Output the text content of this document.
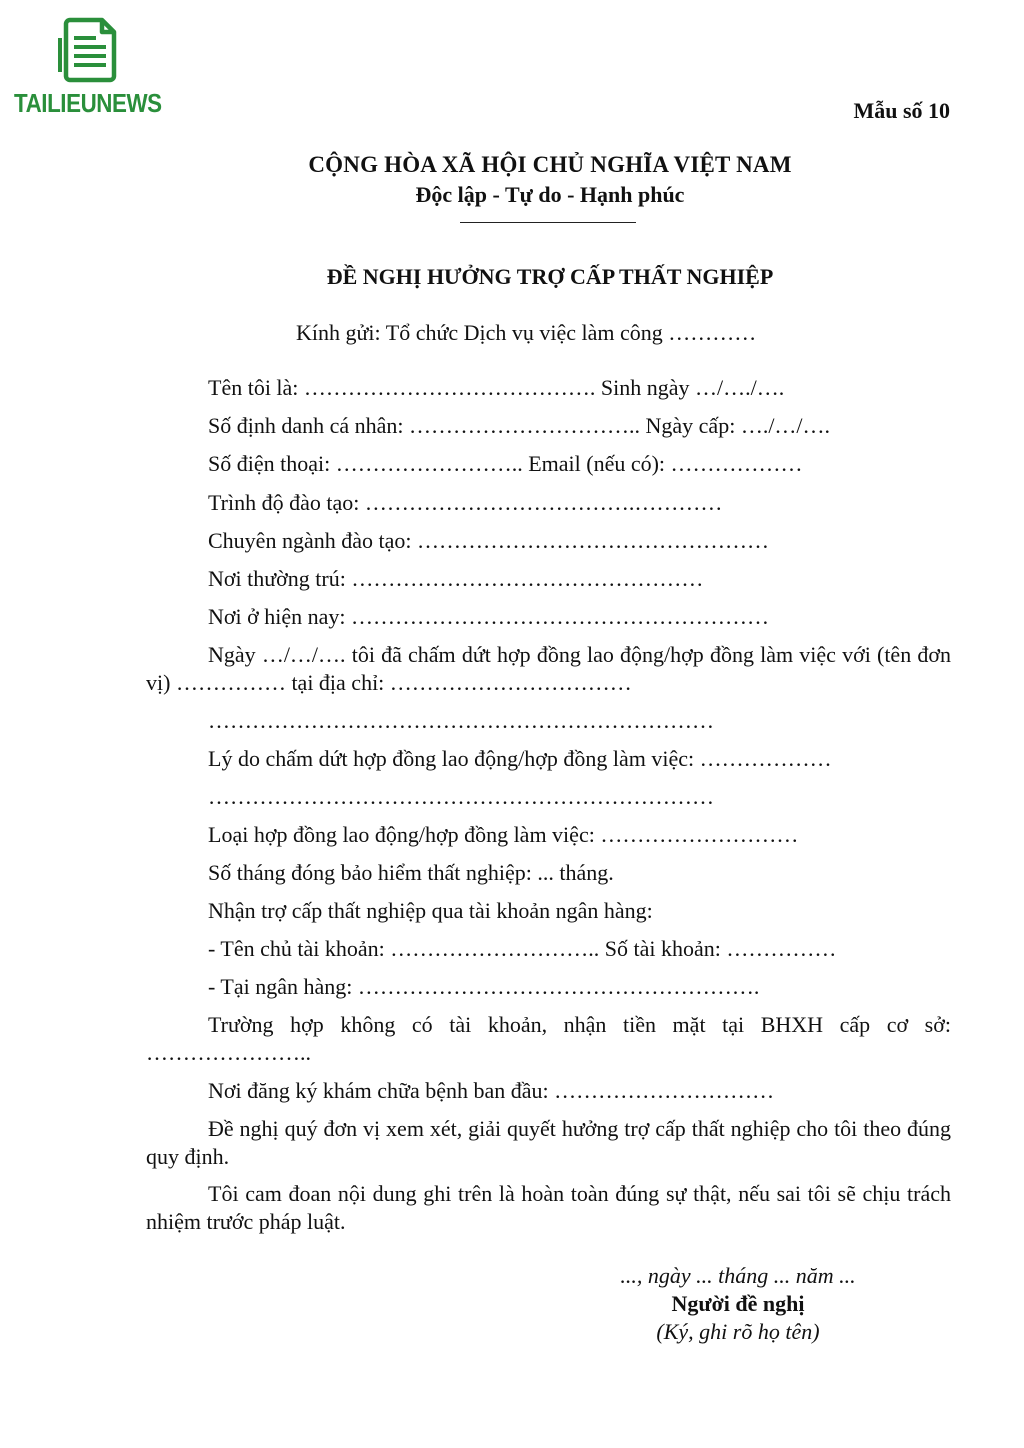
TAILIEUNEWS	Mẫu số 10
CỘNG HÒA XÃ HỘI CHỦ NGHĨA VIỆT NAM
Độc lập - Tự do - Hạnh phúc
ĐỀ NGHỊ HƯỞNG TRỢ CẤP THẤT NGHIỆP
Kính gửi: Tổ chức Dịch vụ việc làm công …………
Tên tôi là: …………………………………. Sinh ngày …/…./….
Số định danh cá nhân: ………………………….. Ngày cấp: …./…/….
Số điện thoại: …………………….. Email (nếu có): ………………
Trình độ đào tạo: ……………………………….…………
Chuyên ngành đào tạo: …………………………………………
Nơi thường trú: …………………………………………
Nơi ở hiện nay: …………………………………………………
Ngày …/…/…. tôi đã chấm dứt hợp đồng lao động/hợp đồng làm việc với (tên đơn vị) …………… tại địa chỉ: ……………………………
……………………………………………………………
Lý do chấm dứt hợp đồng lao động/hợp đồng làm việc: ………………
……………………………………………………………
Loại hợp đồng lao động/hợp đồng làm việc: ………………………
Số tháng đóng bảo hiểm thất nghiệp: ... tháng.
Nhận trợ cấp thất nghiệp qua tài khoản ngân hàng:
- Tên chủ tài khoản: ……………………….. Số tài khoản: ……………
- Tại ngân hàng: ……………………………………………….
Trường hợp không có tài khoản, nhận tiền mặt tại BHXH cấp cơ sở: …………………..
Nơi đăng ký khám chữa bệnh ban đầu: …………………………
Đề nghị quý đơn vị xem xét, giải quyết hưởng trợ cấp thất nghiệp cho tôi theo đúng quy định.
Tôi cam đoan nội dung ghi trên là hoàn toàn đúng sự thật, nếu sai tôi sẽ chịu trách nhiệm trước pháp luật.
..., ngày ... tháng ... năm ...
Người đề nghị
(Ký, ghi rõ họ tên)
